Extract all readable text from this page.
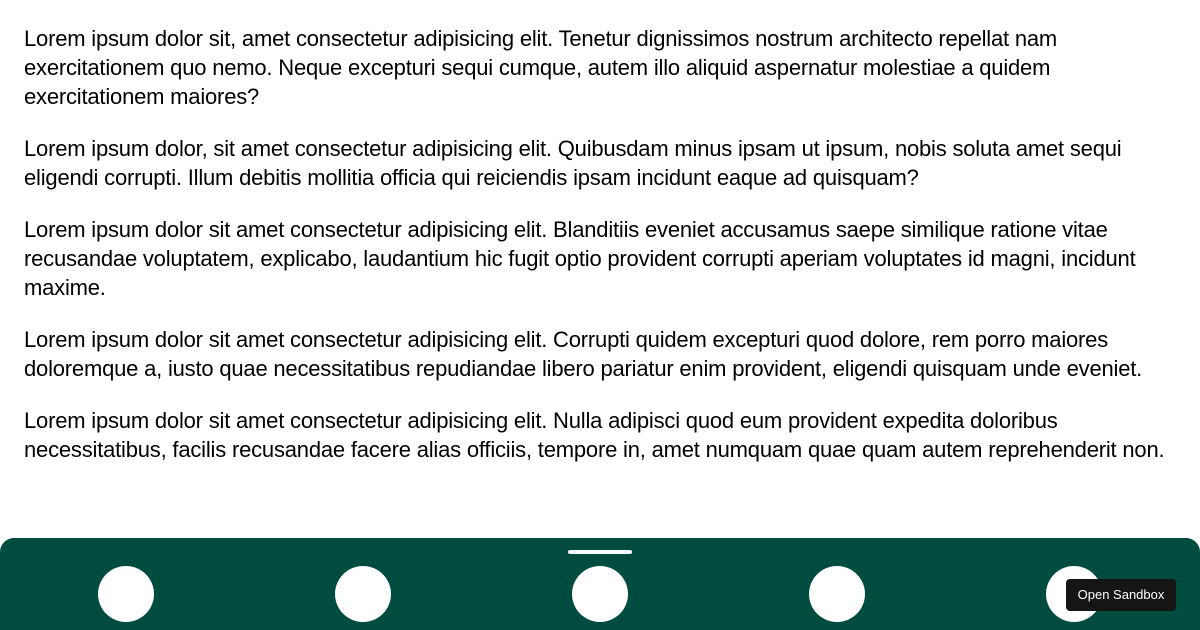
Lorem ipsum dolor sit, amet consectetur adipisicing elit. Tenetur dignissimos nostrum architecto repellat nam exercitationem quo nemo. Neque excepturi sequi cumque, autem illo aliquid aspernatur molestiae a quidem exercitationem maiores?

Lorem ipsum dolor, sit amet consectetur adipisicing elit. Quibusdam minus ipsam ut ipsum, nobis soluta amet sequi eligendi corrupti. Illum debitis mollitia officia qui reiciendis ipsam incidunt eaque ad quisquam?

Lorem ipsum dolor sit amet consectetur adipisicing elit. Blanditiis eveniet accusamus saepe similique ratione vitae recusandae voluptatem, explicabo, laudantium hic fugit optio provident corrupti aperiam voluptates id magni, incidunt maxime.

Lorem ipsum dolor sit amet consectetur adipisicing elit. Corrupti quidem excepturi quod dolore, rem porro maiores doloremque a, iusto quae necessitatibus repudiandae libero pariatur enim provident, eligendi quisquam unde eveniet.

Lorem ipsum dolor sit amet consectetur adipisicing elit. Nulla adipisci quod eum provident expedita doloribus necessitatibus, facilis recusandae facere alias officiis, tempore in, amet numquam quae quam autem reprehenderit non.

Open Sandbox
